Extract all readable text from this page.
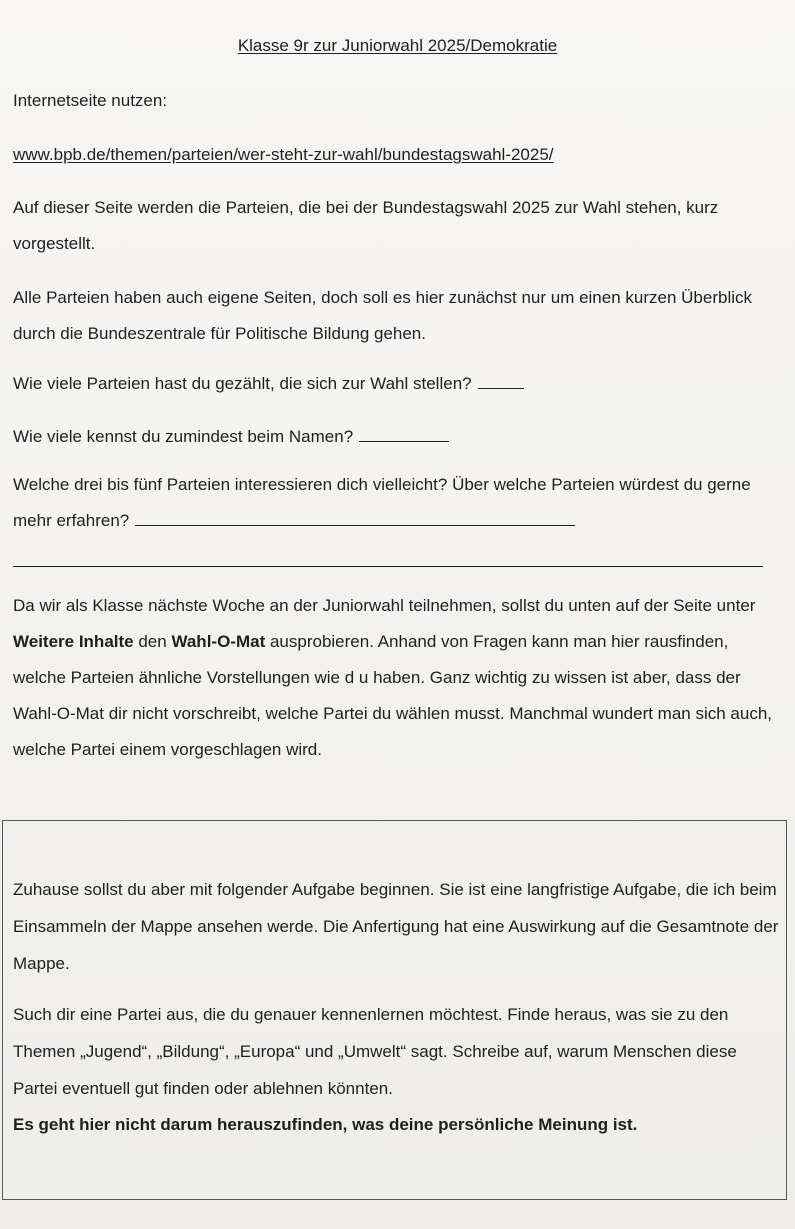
Klasse 9r zur Juniorwahl 2025/Demokratie
Internetseite nutzen:
www.bpb.de/themen/parteien/wer-steht-zur-wahl/bundestagswahl-2025/
Auf dieser Seite werden die Parteien, die bei der Bundestagswahl 2025 zur Wahl stehen, kurz vorgestellt.
Alle Parteien haben auch eigene Seiten, doch soll es hier zunächst nur um einen kurzen Überblick durch die Bundeszentrale für Politische Bildung gehen.
Wie viele Parteien hast du gezählt, die sich zur Wahl stellen?
Wie viele kennst du zumindest beim Namen?
Welche drei bis fünf Parteien interessieren dich vielleicht? Über welche Parteien würdest du gerne mehr erfahren?
Da wir als Klasse nächste Woche an der Juniorwahl teilnehmen, sollst du unten auf der Seite unter Weitere Inhalte den Wahl-O-Mat ausprobieren. Anhand von Fragen kann man hier rausfinden, welche Parteien ähnliche Vorstellungen wie d u haben. Ganz wichtig zu wissen ist aber, dass der Wahl-O-Mat dir nicht vorschreibt, welche Partei du wählen musst. Manchmal wundert man sich auch, welche Partei einem vorgeschlagen wird.
Zuhause sollst du aber mit folgender Aufgabe beginnen. Sie ist eine langfristige Aufgabe, die ich beim Einsammeln der Mappe ansehen werde. Die Anfertigung hat eine Auswirkung auf die Gesamtnote der Mappe.
Such dir eine Partei aus, die du genauer kennenlernen möchtest. Finde heraus, was sie zu den Themen „Jugend“, „Bildung“, „Europa“ und „Umwelt“ sagt. Schreibe auf, warum Menschen diese Partei eventuell gut finden oder ablehnen könnten.
Es geht hier nicht darum herauszufinden, was deine persönliche Meinung ist.
